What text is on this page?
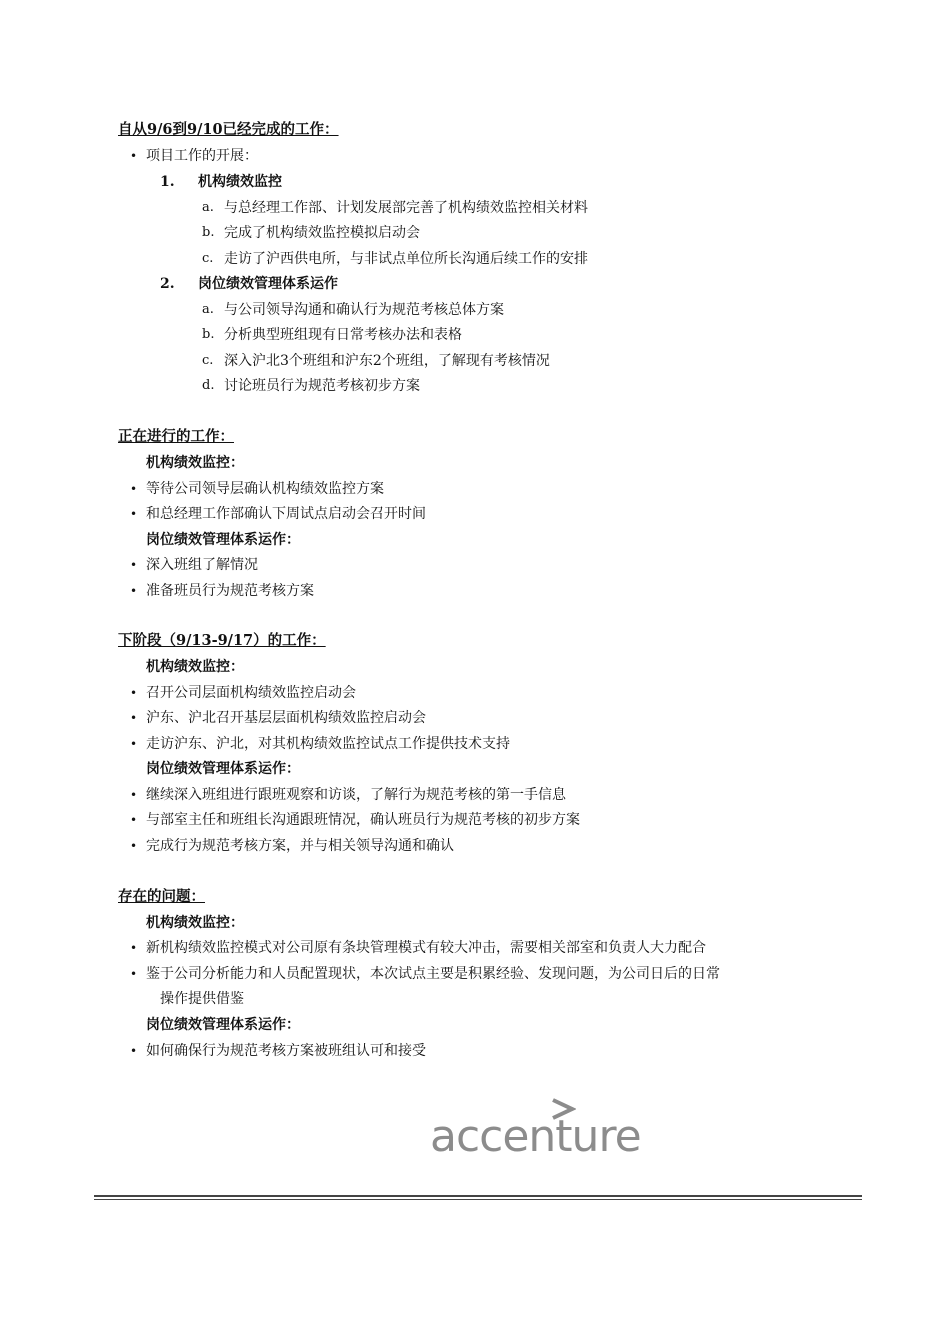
自从9/6到9/10已经完成的工作：
• 项目工作的开展：
1. 机构绩效监控
a. 与总经理工作部、计划发展部完善了机构绩效监控相关材料
b. 完成了机构绩效监控模拟启动会
c. 走访了沪西供电所，与非试点单位所长沟通后续工作的安排
2. 岗位绩效管理体系运作
a. 与公司领导沟通和确认行为规范考核总体方案
b. 分析典型班组现有日常考核办法和表格
c. 深入沪北3个班组和沪东2个班组，了解现有考核情况
d. 讨论班员行为规范考核初步方案
正在进行的工作：
机构绩效监控：
• 等待公司领导层确认机构绩效监控方案
• 和总经理工作部确认下周试点启动会召开时间
岗位绩效管理体系运作：
• 深入班组了解情况
• 准备班员行为规范考核方案
下阶段（9/13-9/17）的工作：
机构绩效监控：
• 召开公司层面机构绩效监控启动会
• 沪东、沪北召开基层层面机构绩效监控启动会
• 走访沪东、沪北，对其机构绩效监控试点工作提供技术支持
岗位绩效管理体系运作：
• 继续深入班组进行跟班观察和访谈，了解行为规范考核的第一手信息
• 与部室主任和班组长沟通跟班情况，确认班员行为规范考核的初步方案
• 完成行为规范考核方案，并与相关领导沟通和确认
存在的问题：
机构绩效监控：
• 新机构绩效监控模式对公司原有条块管理模式有较大冲击，需要相关部室和负责人大力配合
• 鉴于公司分析能力和人员配置现状，本次试点主要是积累经验、发现问题，为公司日后的日常
操作提供借鉴
岗位绩效管理体系运作：
• 如何确保行为规范考核方案被班组认可和接受
accenture
